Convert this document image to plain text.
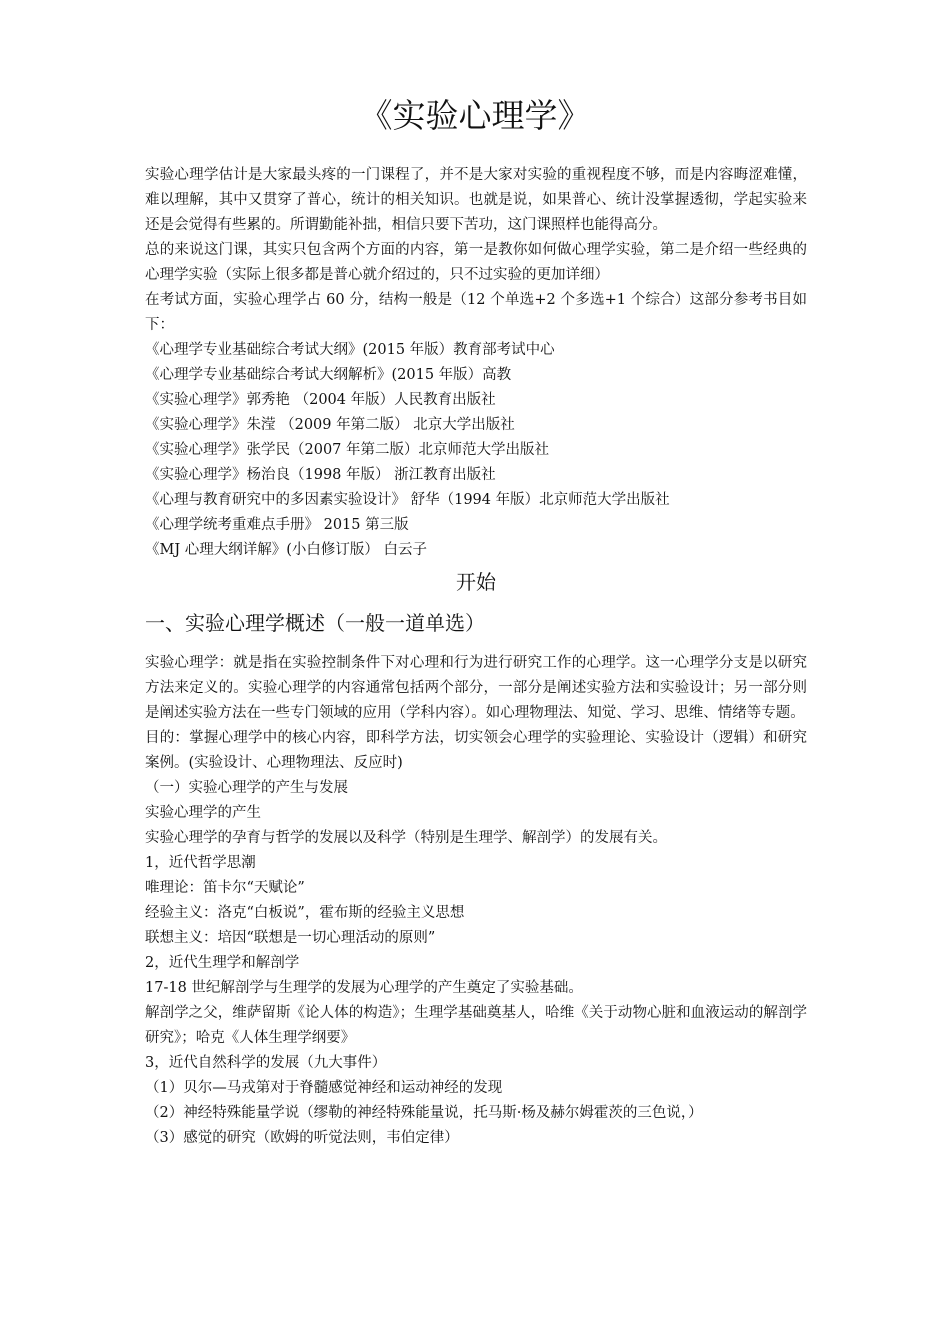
《实验心理学》

实验心理学估计是大家最头疼的一门课程了，并不是大家对实验的重视程度不够，而是内容晦涩难懂，难以理解，其中又贯穿了普心，统计的相关知识。也就是说，如果普心、统计没掌握透彻，学起实验来还是会觉得有些累的。所谓勤能补拙，相信只要下苦功，这门课照样也能得高分。

总的来说这门课，其实只包含两个方面的内容，第一是教你如何做心理学实验，第二是介绍一些经典的心理学实验（实际上很多都是普心就介绍过的，只不过实验的更加详细）

在考试方面，实验心理学占 60 分，结构一般是（12 个单选+2 个多选+1 个综合）这部分参考书目如下：

《心理学专业基础综合考试大纲》(2015 年版）教育部考试中心
《心理学专业基础综合考试大纲解析》(2015 年版）高教
《实验心理学》郭秀艳 （2004 年版）人民教育出版社
《实验心理学》朱滢 （2009 年第二版） 北京大学出版社
《实验心理学》张学民（2007 年第二版）北京师范大学出版社
《实验心理学》杨治良（1998 年版） 浙江教育出版社
《心理与教育研究中的多因素实验设计》 舒华（1994 年版）北京师范大学出版社
《心理学统考重难点手册》 2015 第三版
《MJ 心理大纲详解》(小白修订版） 白云子
开始
一、实验心理学概述（一般一道单选）

实验心理学：就是指在实验控制条件下对心理和行为进行研究工作的心理学。这一心理学分支是以研究方法来定义的。实验心理学的内容通常包括两个部分，一部分是阐述实验方法和实验设计；另一部分则是阐述实验方法在一些专门领域的应用（学科内容）。如心理物理法、知觉、学习、思维、情绪等专题。

目的：掌握心理学中的核心内容，即科学方法，切实领会心理学的实验理论、实验设计（逻辑）和研究案例。(实验设计、心理物理法、反应时)

（一）实验心理学的产生与发展
实验心理学的产生
实验心理学的孕育与哲学的发展以及科学（特别是生理学、解剖学）的发展有关。
1，近代哲学思潮
唯理论：笛卡尔“天赋论”
经验主义：洛克“白板说”，霍布斯的经验主义思想
联想主义：培因“联想是一切心理活动的原则”
2，近代生理学和解剖学
17-18 世纪解剖学与生理学的发展为心理学的产生奠定了实验基础。

解剖学之父，维萨留斯《论人体的构造》；生理学基础奠基人，哈维《关于动物心脏和血液运动的解剖学研究》；哈克《人体生理学纲要》

3，近代自然科学的发展（九大事件）
（1）贝尔—马戎第对于脊髓感觉神经和运动神经的发现
（2）神经特殊能量学说（缪勒的神经特殊能量说，托马斯·杨及赫尔姆霍茨的三色说，）
（3）感觉的研究（欧姆的听觉法则，韦伯定律）
